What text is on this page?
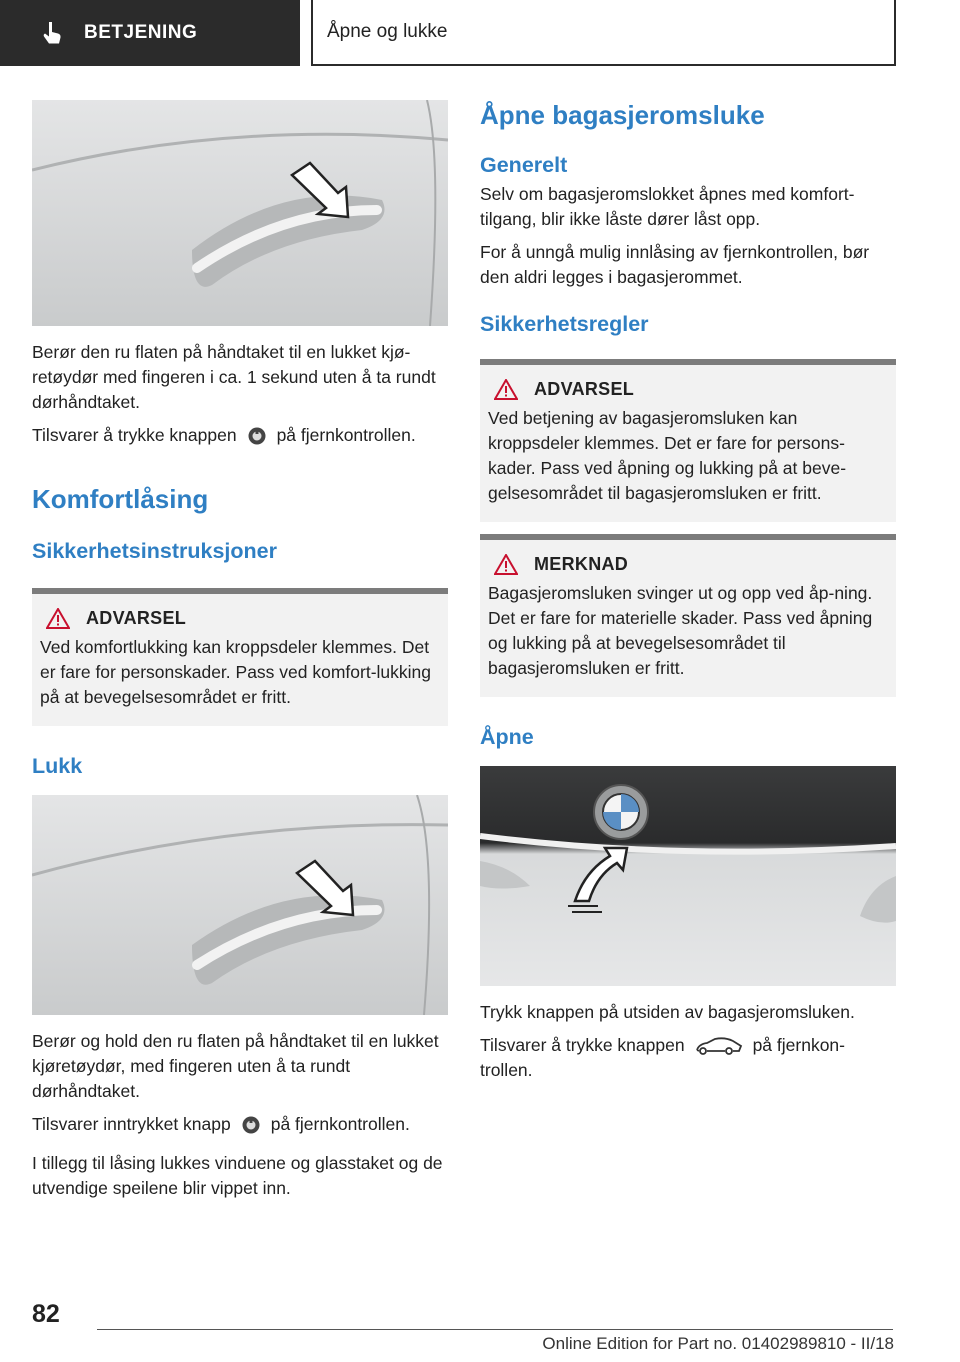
BETJENING	Åpne og lukke

Berør den ru flaten på håndtaket til en lukket kjø-retøydør med fingeren i ca. 1 sekund uten å ta rundt dørhåndtaket.

Tilsvarer å trykke knappen på fjernkontrollen.

Komfortlåsing
Sikkerhetsinstruksjoner
ADVARSEL

Ved komfortlukking kan kroppsdeler klemmes. Det er fare for personskader. Pass ved komfort-lukking på at bevegelsesområdet er fritt.

Lukk

Berør og hold den ru flaten på håndtaket til en lukket kjøretøydør, med fingeren uten å ta rundt dørhåndtaket.

Tilsvarer inntrykket knapp på fjernkontrollen.

I tillegg til låsing lukkes vinduene og glasstaket og de utvendige speilene blir vippet inn.

Åpne bagasjeromsluke
Generelt

Selv om bagasjeromslokket åpnes med komfort-tilgang, blir ikke låste dører låst opp.

For å unngå mulig innlåsing av fjernkontrollen, bør den aldri legges i bagasjerommet.

Sikkerhetsregler
ADVARSEL

Ved betjening av bagasjeromsluken kan kroppsdeler klemmes. Det er fare for persons-kader. Pass ved åpning og lukking på at beve-gelsesområdet til bagasjeromsluken er fritt.

MERKNAD

Bagasjeromsluken svinger ut og opp ved åp-ning. Det er fare for materielle skader. Pass ved åpning og lukking på at bevegelsesområdet til bagasjeromsluken er fritt.

Åpne

Trykk knappen på utsiden av bagasjeromsluken.

Tilsvarer å trykke knappen	på fjernkon-trollen.

82
Online Edition for Part no. 01402989810 - II/18
